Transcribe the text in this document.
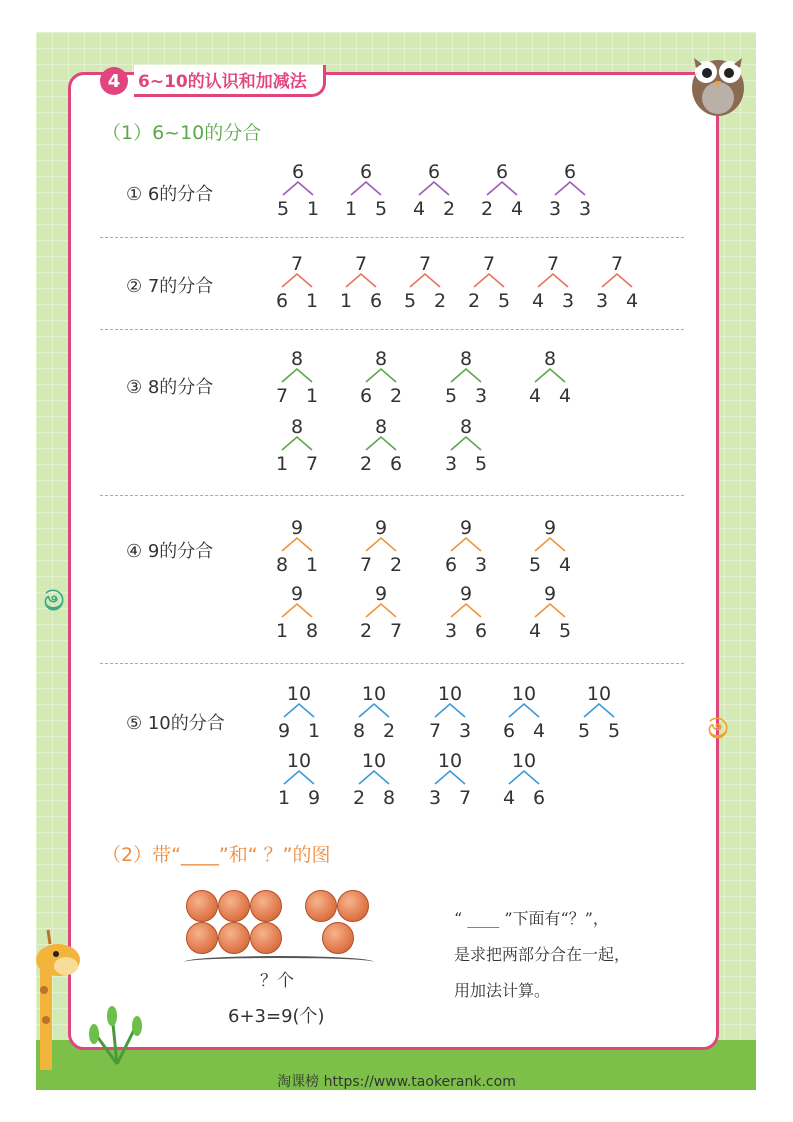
4	6~10的认识和加减法
（1）6~10的分合
① 6的分合
② 7的分合
③ 8的分合
④ 9的分合
⑤ 10的分合
6
5 1
6
1 5
6
4 2
6
2 4
6
3 3
7
6 1
7
1 6
7
5 2
7
2 5
7
4 3
7
3 4
8
7 1
8
6 2
8
5 3
8
4 4
8
1 7
8
2 6
8
3 5
9
8 1
9
7 2
9
6 3
9
5 4
9
1 8
9
2 7
9
3 6
9
4 5
10
9 1
10
8 2
10
7 3
10
6 4
10
5 5
10
1 9
10
2 8
10
3 7
10
4 6
（2）带“____”和“ ？”的图
？个
6+3=9(个)
“ ____ ”下面有“？”，
是求把两部分合在一起，
用加法计算。
ම
ම
淘课榜 https://www.taokerank.com
